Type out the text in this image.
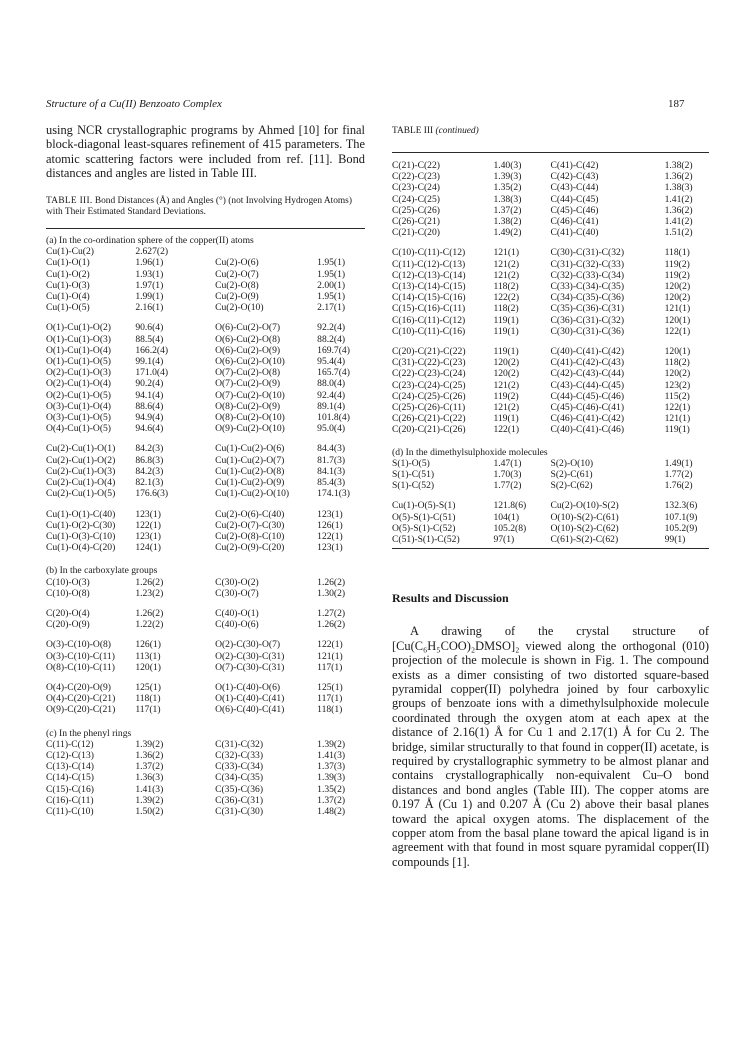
Structure of a Cu(II) Benzoato Complex	187
using NCR crystallographic programs by Ahmed [10] for final block-diagonal least-squares refinement of 415 parameters. The atomic scattering factors were included from ref. [11]. Bond distances and angles are listed in Table III.
TABLE III. Bond Distances (Å) and Angles (°) (not Involving Hydrogen Atoms) with Their Estimated Standard Deviations.
(a) In the co-ordination sphere of the copper(II) atoms
Cu(1)-Cu(2)	2.627(2)		
Cu(1)-O(1)	1.96(1)	Cu(2)-O(6)	1.95(1)
Cu(1)-O(2)	1.93(1)	Cu(2)-O(7)	1.95(1)
Cu(1)-O(3)	1.97(1)	Cu(2)-O(8)	2.00(1)
Cu(1)-O(4)	1.99(1)	Cu(2)-O(9)	1.95(1)
Cu(1)-O(5)	2.16(1)	Cu(2)-O(10)	2.17(1)
O(1)-Cu(1)-O(2)	90.6(4)	O(6)-Cu(2)-O(7)	92.2(4)
O(1)-Cu(1)-O(3)	88.5(4)	O(6)-Cu(2)-O(8)	88.2(4)
O(1)-Cu(1)-O(4)	166.2(4)	O(6)-Cu(2)-O(9)	169.7(4)
O(1)-Cu(1)-O(5)	99.1(4)	O(6)-Cu(2)-O(10)	95.4(4)
O(2)-Cu(1)-O(3)	171.0(4)	O(7)-Cu(2)-O(8)	165.7(4)
O(2)-Cu(1)-O(4)	90.2(4)	O(7)-Cu(2)-O(9)	88.0(4)
O(2)-Cu(1)-O(5)	94.1(4)	O(7)-Cu(2)-O(10)	92.4(4)
O(3)-Cu(1)-O(4)	88.6(4)	O(8)-Cu(2)-O(9)	89.1(4)
O(3)-Cu(1)-O(5)	94.9(4)	O(8)-Cu(2)-O(10)	101.8(4)
O(4)-Cu(1)-O(5)	94.6(4)	O(9)-Cu(2)-O(10)	95.0(4)
Cu(2)-Cu(1)-O(1)	84.2(3)	Cu(1)-Cu(2)-O(6)	84.4(3)
Cu(2)-Cu(1)-O(2)	86.8(3)	Cu(1)-Cu(2)-O(7)	81.7(3)
Cu(2)-Cu(1)-O(3)	84.2(3)	Cu(1)-Cu(2)-O(8)	84.1(3)
Cu(2)-Cu(1)-O(4)	82.1(3)	Cu(1)-Cu(2)-O(9)	85.4(3)
Cu(2)-Cu(1)-O(5)	176.6(3)	Cu(1)-Cu(2)-O(10)	174.1(3)
Cu(1)-O(1)-C(40)	123(1)	Cu(2)-O(6)-C(40)	123(1)
Cu(1)-O(2)-C(30)	122(1)	Cu(2)-O(7)-C(30)	126(1)
Cu(1)-O(3)-C(10)	123(1)	Cu(2)-O(8)-C(10)	122(1)
Cu(1)-O(4)-C(20)	124(1)	Cu(2)-O(9)-C(20)	123(1)
(b) In the carboxylate groups
C(10)-O(3)	1.26(2)	C(30)-O(2)	1.26(2)
C(10)-O(8)	1.23(2)	C(30)-O(7)	1.30(2)
C(20)-O(4)	1.26(2)	C(40)-O(1)	1.27(2)
C(20)-O(9)	1.22(2)	C(40)-O(6)	1.26(2)
O(3)-C(10)-O(8)	126(1)	O(2)-C(30)-O(7)	122(1)
O(3)-C(10)-C(11)	113(1)	O(2)-C(30)-C(31)	121(1)
O(8)-C(10)-C(11)	120(1)	O(7)-C(30)-C(31)	117(1)
O(4)-C(20)-O(9)	125(1)	O(1)-C(40)-O(6)	125(1)
O(4)-C(20)-C(21)	118(1)	O(1)-C(40)-C(41)	117(1)
O(9)-C(20)-C(21)	117(1)	O(6)-C(40)-C(41)	118(1)
(c) In the phenyl rings
C(11)-C(12)	1.39(2)	C(31)-C(32)	1.39(2)
C(12)-C(13)	1.36(2)	C(32)-C(33)	1.41(3)
C(13)-C(14)	1.37(2)	C(33)-C(34)	1.37(3)
C(14)-C(15)	1.36(3)	C(34)-C(35)	1.39(3)
C(15)-C(16)	1.41(3)	C(35)-C(36)	1.35(2)
C(16)-C(11)	1.39(2)	C(36)-C(31)	1.37(2)
C(11)-C(10)	1.50(2)	C(31)-C(30)	1.48(2)
TABLE III (continued)
C(21)-C(22)	1.40(3)	C(41)-C(42)	1.38(2)
C(22)-C(23)	1.39(3)	C(42)-C(43)	1.36(2)
C(23)-C(24)	1.35(2)	C(43)-C(44)	1.38(3)
C(24)-C(25)	1.38(3)	C(44)-C(45)	1.41(2)
C(25)-C(26)	1.37(2)	C(45)-C(46)	1.36(2)
C(26)-C(21)	1.38(2)	C(46)-C(41)	1.41(2)
C(21)-C(20)	1.49(2)	C(41)-C(40)	1.51(2)
C(10)-C(11)-C(12)	121(1)	C(30)-C(31)-C(32)	118(1)
C(11)-C(12)-C(13)	121(2)	C(31)-C(32)-C(33)	119(2)
C(12)-C(13)-C(14)	121(2)	C(32)-C(33)-C(34)	119(2)
C(13)-C(14)-C(15)	118(2)	C(33)-C(34)-C(35)	120(2)
C(14)-C(15)-C(16)	122(2)	C(34)-C(35)-C(36)	120(2)
C(15)-C(16)-C(11)	118(2)	C(35)-C(36)-C(31)	121(1)
C(16)-C(11)-C(12)	119(1)	C(36)-C(31)-C(32)	120(1)
C(10)-C(11)-C(16)	119(1)	C(30)-C(31)-C(36)	122(1)
C(20)-C(21)-C(22)	119(1)	C(40)-C(41)-C(42)	120(1)
C(31)-C(22)-C(23)	120(2)	C(41)-C(42)-C(43)	118(2)
C(22)-C(23)-C(24)	120(2)	C(42)-C(43)-C(44)	120(2)
C(23)-C(24)-C(25)	121(2)	C(43)-C(44)-C(45)	123(2)
C(24)-C(25)-C(26)	119(2)	C(44)-C(45)-C(46)	115(2)
C(25)-C(26)-C(11)	121(2)	C(45)-C(46)-C(41)	122(1)
C(26)-C(21)-C(22)	119(1)	C(46)-C(41)-C(42)	121(1)
C(20)-C(21)-C(26)	122(1)	C(40)-C(41)-C(46)	119(1)
(d) In the dimethylsulphoxide molecules
S(1)-O(5)	1.47(1)	S(2)-O(10)	1.49(1)
S(1)-C(51)	1.70(3)	S(2)-C(61)	1.77(2)
S(1)-C(52)	1.77(2)	S(2)-C(62)	1.76(2)
Cu(1)-O(5)-S(1)	121.8(6)	Cu(2)-O(10)-S(2)	132.3(6)
O(5)-S(1)-C(51)	104(1)	O(10)-S(2)-C(61)	107.1(9)
O(5)-S(1)-C(52)	105.2(8)	O(10)-S(2)-C(62)	105.2(9)
C(51)-S(1)-C(52)	97(1)	C(61)-S(2)-C(62)	99(1)
Results and Discussion
A drawing of the crystal structure of [Cu(C₆H₅COO)₂DMSO]₂ viewed along the orthogonal (010) projection of the molecule is shown in Fig. 1. The compound exists as a dimer consisting of two distorted square-based pyramidal copper(II) polyhedra joined by four carboxylic groups of benzoate ions with a dimethylsulphoxide molecule coordinated through the oxygen atom at each apex at the distance of 2.16(1) Å for Cu 1 and 2.17(1) Å for Cu 2. The bridge, similar structurally to that found in copper(II) acetate, is required by crystallographic symmetry to be almost planar and contains crystallographically non-equivalent Cu–O bond distances and bond angles (Table III). The copper atoms are 0.197 Å (Cu 1) and 0.207 Å (Cu 2) above their basal planes toward the apical oxygen atoms. The displacement of the copper atom from the basal plane toward the apical ligand is in agreement with that found in most square pyramidal copper(II) compounds [1].
